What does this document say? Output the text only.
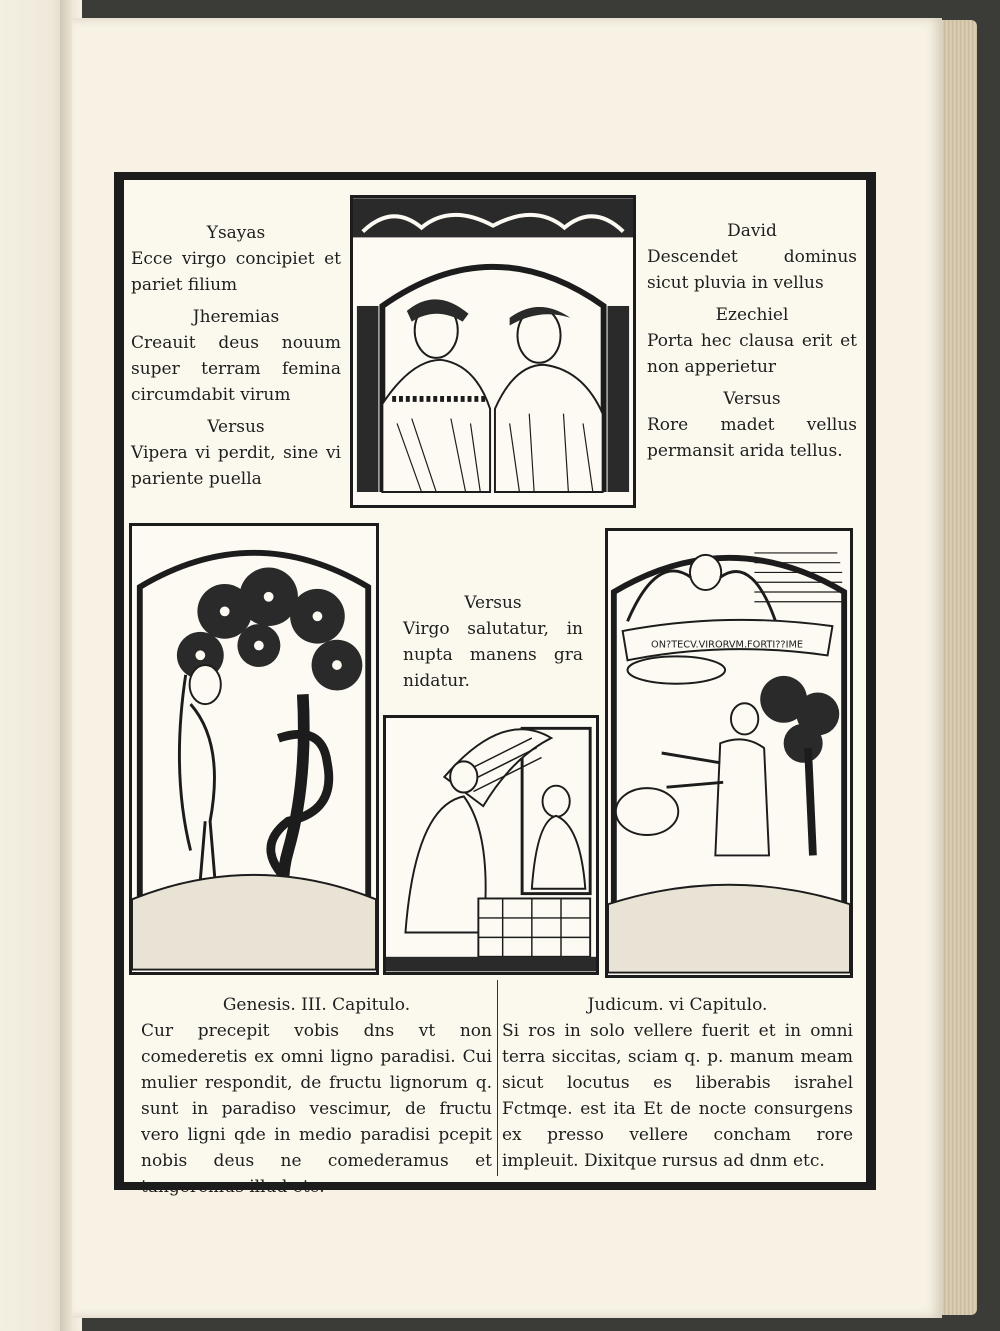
Ysayas
Ecce virgo concipiet et pariet filium
Jheremias
Creauit deus nouum super terram femina circumdabit virum
Versus
Vipera vi perdit, sine vi pariente puella
David
Descendet dominus sicut pluvia in vellus
Ezechiel
Porta hec clausa erit et non apperietur
Versus
Rore madet vellus permansit arida tellus.
Versus
Virgo salutatur, in nupta manens gra nidatur.
ON?TECV.VIRORVM.FORTI??IME
Genesis. III. Capitulo.
Cur precepit vobis dns vt non comederetis ex omni ligno paradisi. Cui mulier respondit, de fructu lignorum q. sunt in paradiso vescimur, de fructu vero ligni qde in medio paradisi pcepit nobis deus ne comederamus et tangeremus illud etc.
Judicum. vi Capitulo.
Si ros in solo vellere fuerit et in omni terra siccitas, sciam q. p. manum meam sicut locutus es liberabis israhel Fctmqe. est ita Et de nocte consurgens ex presso vellere concham rore impleuit. Dixitque rursus ad dnm etc.
